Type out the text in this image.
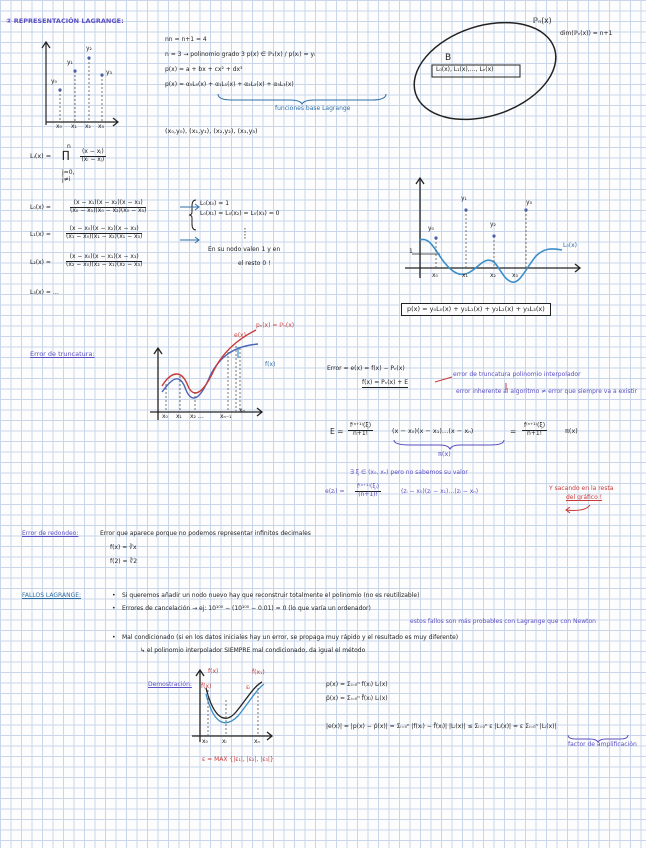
② REPRESENTACIÓN LAGRANGE:
y₀
y₁
y₂
y₃
x₀ x₁ x₂ x₃
nn = n+1 = 4
n = 3 → polinomio grado 3 p(x) ∈ ℙ₃(x) / p(xᵢ) = yᵢ
p(x) = a + bx + cx² + dx³
p(x) = α₀L₀(x) + α₁L₁(x) + α₂L₂(x) + α₃L₃(x)
funciones base Lagrange
(x₀,y₀), (x₁,y₁), (x₂,y₂), (x₃,y₃)
ℙₙ(x)
dim(ℙₙ(x)) = n+1
B
L₀(x), L₁(x),…, Lₙ(x)
Lᵢ(x) = ∏
n
j=0, j≠i
$\frac{\text{(x − xⱼ)}}{\text{(xᵢ − xⱼ)}}$
L₀(x) =	$\frac{\text{(x − x₁)(x − x₂)(x − x₃)}}{\text{(x₀ − x₁)(x₀ − x₂)(x₀ − x₃)}}$
L₁(x) =	$\frac{\text{(x − x₀)(x − x₂)(x − x₃)}}{\text{(x₁ − x₀)(x₁ − x₂)(x₁ − x₃)}}$
L₂(x) =	$\frac{\text{(x − x₀)(x − x₁)(x − x₃)}}{\text{(x₂ − x₀)(x₂ − x₁)(x₂ − x₃)}}$
L₃(x) = …
L₀(x₀) = 1
L₀(x₁) = L₀(x₂) = L₀(x₃) = 0
En su nodo valen 1 y en
el resto 0 !
y₀
y₁
y₂
y₃
1
L₀(x)
x₀	x₁	x₂	x₃
p(x) = y₀L₀(x) + y₁L₁(x) + y₂L₂(x) + y₃L₃(x)
Error de truncatura:
pₙ(x) = ℙₙ(x)
e(x)
f(x)
x₀ x₁ x₂ …	xₙ₋₁
xₙ
Error = e(x) = f(x) − Pₙ(x)
f(x) = Pₙ(x) + E
error de truncatura polinomio interpolador
error inherente al algoritmo ≠ error que siempre va a existir
$E = \frac{\text{f⁽ⁿ⁺¹⁾(ξ)}}{n+1!}$	(x − x₀)(x − x₁)…(x − xₙ)
π(x)
= $\frac{\text{f⁽ⁿ⁺¹⁾(ξ)}}{n+1!}$	π(x)
∃ ξ ∈ (x₀, xₙ) pero no sabemos su valor
e(zᵢ) = $\frac{\text{f⁽ⁿ⁺¹⁾(ξᵢ)}}{(n+1)!}$	(zᵢ − x₀)(zᵢ − x₁)…(zᵢ − xₙ)	Y sacando en la resta
del gráfico !
Error de redondeo:	Error que aparece porque no podemos representar infinitos decimales
f(x) = ∛x
f(2) = ∛2
FALLOS LAGRANGE:	• Si queremos añadir un nodo nuevo hay que reconstruir totalmente el polinomio (no es reutilizable)
• Errores de cancelación → ej: 10¹⁰⁰ − (10¹⁰⁰ − 0.01) = 0 (lo que varía un ordenador)
estos fallos son más probables con Lagrange que con Newton
• Mal condicionado (si en los datos iniciales hay un error, se propaga muy rápido y el resultado es muy diferente)
↳ el polinomio interpolador SIEMPRE mal condicionado, da igual el método
Demostración:
f(x)
f̄(x)
f̃(x₁)
εᵢ
x₀ xᵢ	xₙ
ε = MAX {|ε₁|, |ε₂|, |ε₃|}
p(x) = Σᵢ₌₀ⁿ f(xᵢ) Lᵢ(x)
p̄(x) = Σᵢ₌₀ⁿ f̄(xᵢ) Lᵢ(x)
|e(x)| = |p(x) − p̄(x)| = Σᵢ₌₀ⁿ |f(xᵢ) − f̄(xᵢ)| |Lᵢ(x)| ≤ Σᵢ₌₀ⁿ ε |Lᵢ(x)| = ε Σᵢ₌₀ⁿ |Lᵢ(x)|
factor de amplificación
